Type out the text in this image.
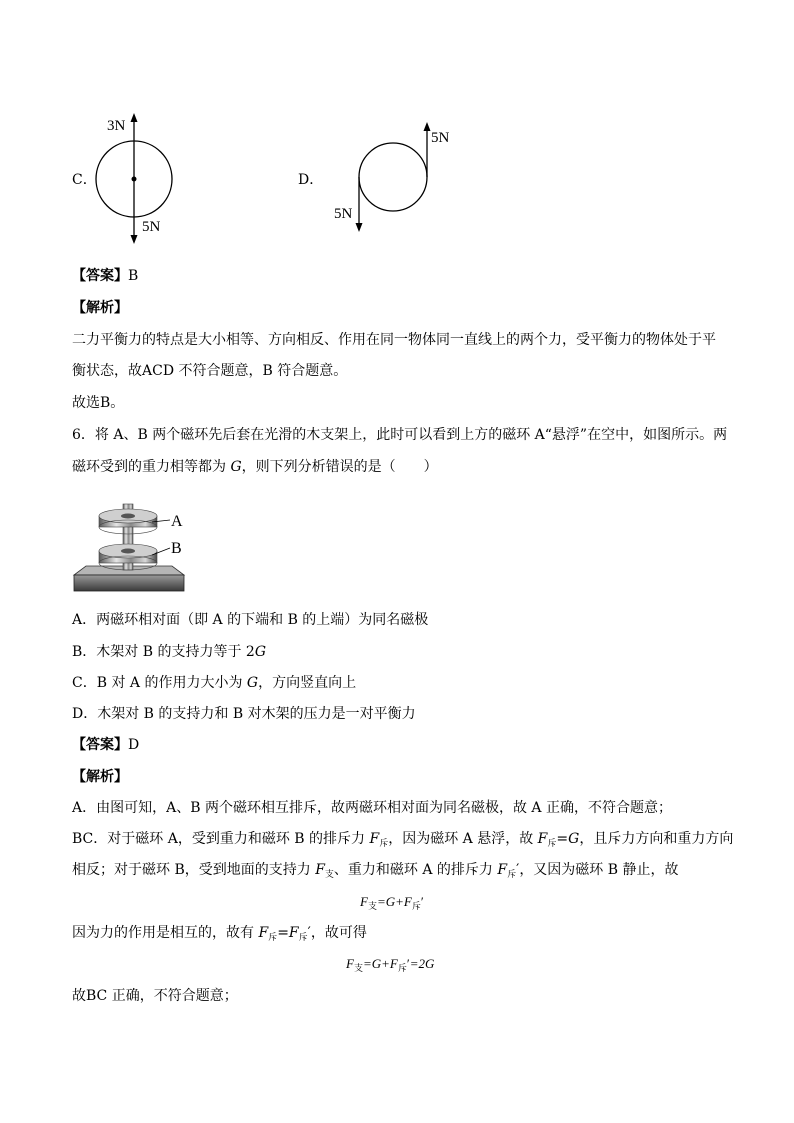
C．
3N
5N
D．
5N
5N
【答案】B
【解析】
二力平衡力的特点是大小相等、方向相反、作用在同一物体同一直线上的两个力，受平衡力的物体处于平
衡状态，故ACD 不符合题意，B 符合题意。
故选B。
6．将 A、B 两个磁环先后套在光滑的木支架上，此时可以看到上方的磁环 A“悬浮”在空中，如图所示。两
磁环受到的重力相等都为 G，则下列分析错误的是（　　）
A
B
A．两磁环相对面（即 A 的下端和 B 的上端）为同名磁极
B．木架对 B 的支持力等于 2G
C．B 对 A 的作用力大小为 G，方向竖直向上
D．木架对 B 的支持力和 B 对木架的压力是一对平衡力
【答案】D
【解析】
A．由图可知，A、B 两个磁环相互排斥，故两磁环相对面为同名磁极，故 A 正确，不符合题意；
BC．对于磁环 A，受到重力和磁环 B 的排斥力 $F_斥$，因为磁环 A 悬浮，故 $F_斥=G$，且斥力方向和重力方向
相反；对于磁环 B，受到地面的支持力 $F_支$、重力和磁环 A 的排斥力 $F_斥'$，又因为磁环 B 静止，故
$F_支=G+F_斥'$
因为力的作用是相互的，故有 $F_斥=F_斥'$，故可得
$F_支=G+F_斥'=2G$
故BC 正确，不符合题意；
